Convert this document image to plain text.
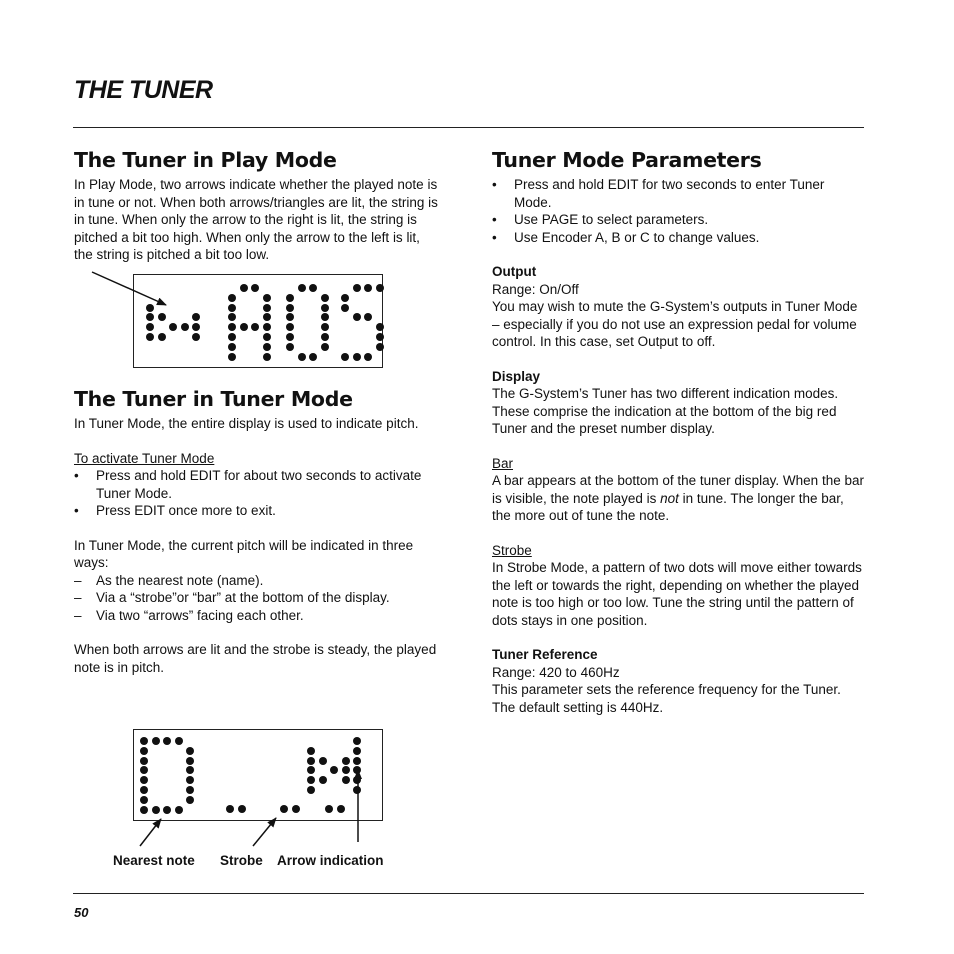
THE TUNER
The Tuner in Play Mode

In Play Mode, two arrows indicate whether the played note is in tune or not. When both arrows/triangles are lit, the string is in tune. When only the arrow to the right is lit, the string is pitched a bit too high. When only the arrow to the left is lit, the string is pitched a bit too low.

The Tuner in Tuner Mode

In Tuner Mode, the entire display is used to indicate pitch.

To activate Tuner Mode

• Press and hold EDIT for about two seconds to activate Tuner Mode.
• Press EDIT once more to exit.

In Tuner Mode, the current pitch will be indicated in three ways:

– As the nearest note (name).
– Via a “strobe”or “bar” at the bottom of the display.
– Via two “arrows” facing each other.

When both arrows are lit and the strobe is steady, the played note is in pitch.

Nearest note Strobe Arrow indication
Tuner Mode Parameters
• Press and hold EDIT for two seconds to enter Tuner Mode.
• Use PAGE to select parameters.
• Use Encoder A, B or C to change values.

Output

Range: On/Off

You may wish to mute the G-System’s outputs in Tuner Mode – especially if you do not use an expression pedal for volume control. In this case, set Output to off.

Display

The G-System’s Tuner has two different indication modes. These comprise the indication at the bottom of the big red Tuner and the preset number display.

Bar

A bar appears at the bottom of the tuner display. When the bar is visible, the note played is not in tune. The longer the bar, the more out of tune the note.

Strobe

In Strobe Mode, a pattern of two dots will move either towards the left or towards the right, depending on whether the played note is too high or too low. Tune the string until the pattern of dots stays in one position.

Tuner Reference

Range: 420 to 460Hz

This parameter sets the reference frequency for the Tuner. The default setting is 440Hz.

50
